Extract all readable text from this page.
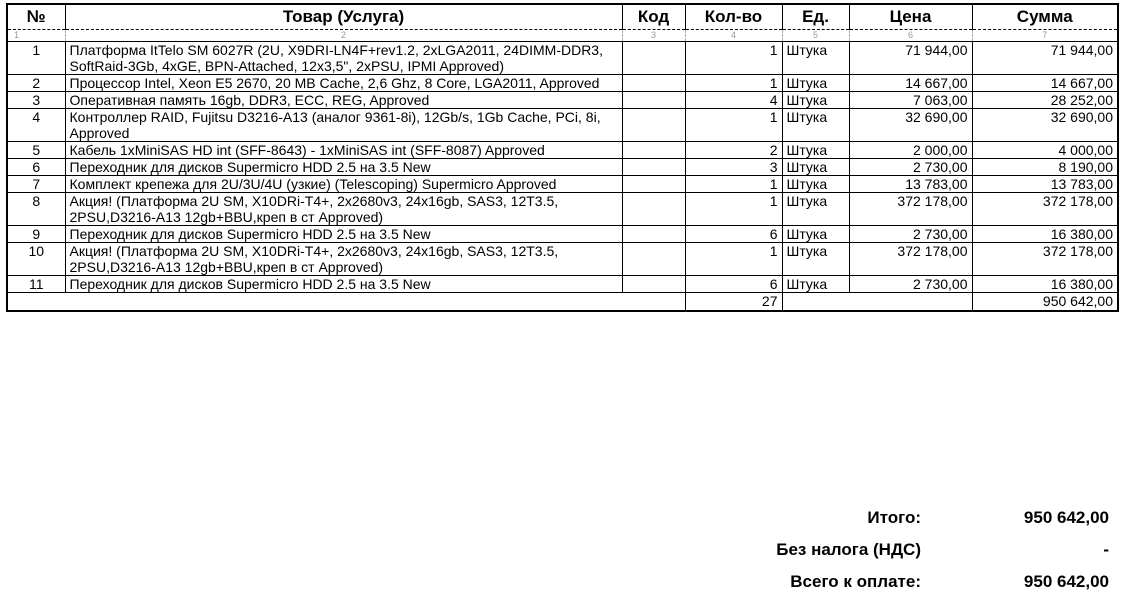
№	Товар (Услуга)	Код	Кол-во	Ед.	Цена	Сумма
1	2	3	4	5	6	7
1	Платформа ItTelo SM 6027R (2U, X9DRI-LN4F+rev1.2, 2xLGA2011, 24DIMM-DDR3, SoftRaid-3Gb, 4xGE, BPN-Attached, 12x3,5", 2xPSU, IPMI Approved)		1	Штука	71 944,00	71 944,00
2	Процессор Intel, Xeon E5 2670, 20 MB Cache, 2,6 Ghz, 8 Core, LGA2011, Approved		1	Штука	14 667,00	14 667,00
3	Оперативная память 16gb, DDR3, ECC, REG, Approved		4	Штука	7 063,00	28 252,00
4	Контроллер RAID, Fujitsu D3216-A13 (аналог 9361-8i), 12Gb/s, 1Gb Cache, PCi, 8i, Approved		1	Штука	32 690,00	32 690,00
5	Кабель 1xMiniSAS HD int (SFF-8643) - 1xMiniSAS int (SFF-8087) Approved		2	Штука	2 000,00	4 000,00
6	Переходник для дисков Supermicro HDD 2.5 на 3.5 New		3	Штука	2 730,00	8 190,00
7	Комплект крепежа для 2U/3U/4U (узкие) (Telescoping) Supermicro Approved		1	Штука	13 783,00	13 783,00
8	Акция! (Платформа 2U SM, X10DRi-T4+, 2x2680v3, 24x16gb, SAS3, 12T3.5, 2PSU,D3216-A13 12gb+BBU,креп в ст Approved)		1	Штука	372 178,00	372 178,00
9	Переходник для дисков Supermicro HDD 2.5 на 3.5 New		6	Штука	2 730,00	16 380,00
10	Акция! (Платформа 2U SM, X10DRi-T4+, 2x2680v3, 24x16gb, SAS3, 12T3.5, 2PSU,D3216-A13 12gb+BBU,креп в ст Approved)		1	Штука	372 178,00	372 178,00
11	Переходник для дисков Supermicro HDD 2.5 на 3.5 New		6	Штука	2 730,00	16 380,00
			27			950 642,00
Итого:	950 642,00
Без налога (НДС)	-
Всего к оплате:	950 642,00
